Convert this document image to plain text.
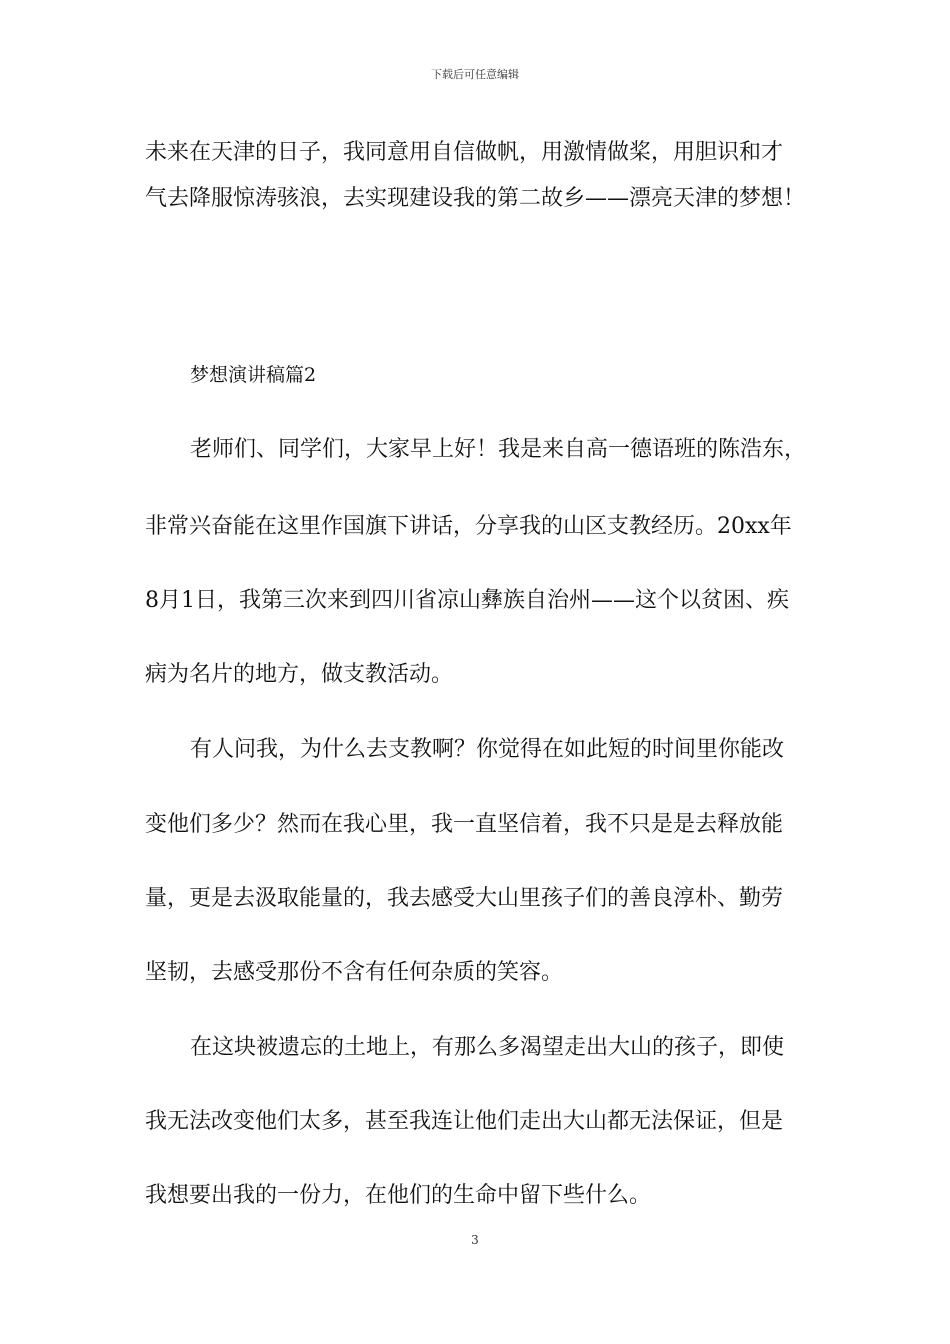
下载后可任意编辑
未来在天津的日子，我同意用自信做帆，用激情做桨，用胆识和才
气去降服惊涛骇浪，去实现建设我的第二故乡——漂亮天津的梦想！
梦想演讲稿篇2
老师们、同学们，大家早上好！我是来自高一德语班的陈浩东，
非常兴奋能在这里作国旗下讲话，分享我的山区支教经历。20xx年
8月1日，我第三次来到四川省凉山彝族自治州——这个以贫困、疾
病为名片的地方，做支教活动。
有人问我，为什么去支教啊？你觉得在如此短的时间里你能改
变他们多少？然而在我心里，我一直坚信着，我不只是是去释放能
量，更是去汲取能量的，我去感受大山里孩子们的善良淳朴、勤劳
坚韧，去感受那份不含有任何杂质的笑容。
在这块被遗忘的土地上，有那么多渴望走出大山的孩子，即使
我无法改变他们太多，甚至我连让他们走出大山都无法保证，但是
我想要出我的一份力，在他们的生命中留下些什么。
3
